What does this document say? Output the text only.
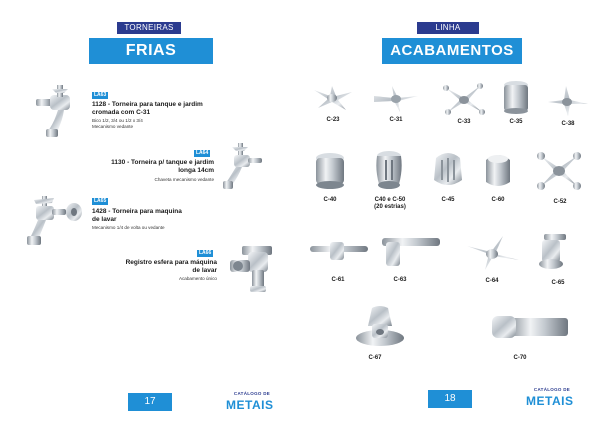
TORNEIRAS
FRIAS
LA63
1128 - Torneira para tanque e jardim cromada com C-31
Bico 1/2, 3/4 ou 1/2 x 3/4
Mecanismo vedante
LA64
1130 - Torneira p/ tanque e jardim longa 14cm
Chaveta mecanismo vedante
LA65
1428 - Torneira para maquina de lavar
Mecanismo 1/4 de volta ou vedante
LA66
Registro esfera para máquina de lavar
Acabamento único
17
CATÁLOGO DE
METAIS
LINHA
ACABAMENTOS
C-23	C-31	C-33	C-35	C-38
C-40	C40 e C-50
(20 estrias)
C-45	C-60	C-52
C-61	C-63	C-64	C-65
C-67	C-70
18
CATÁLOGO DE
METAIS
